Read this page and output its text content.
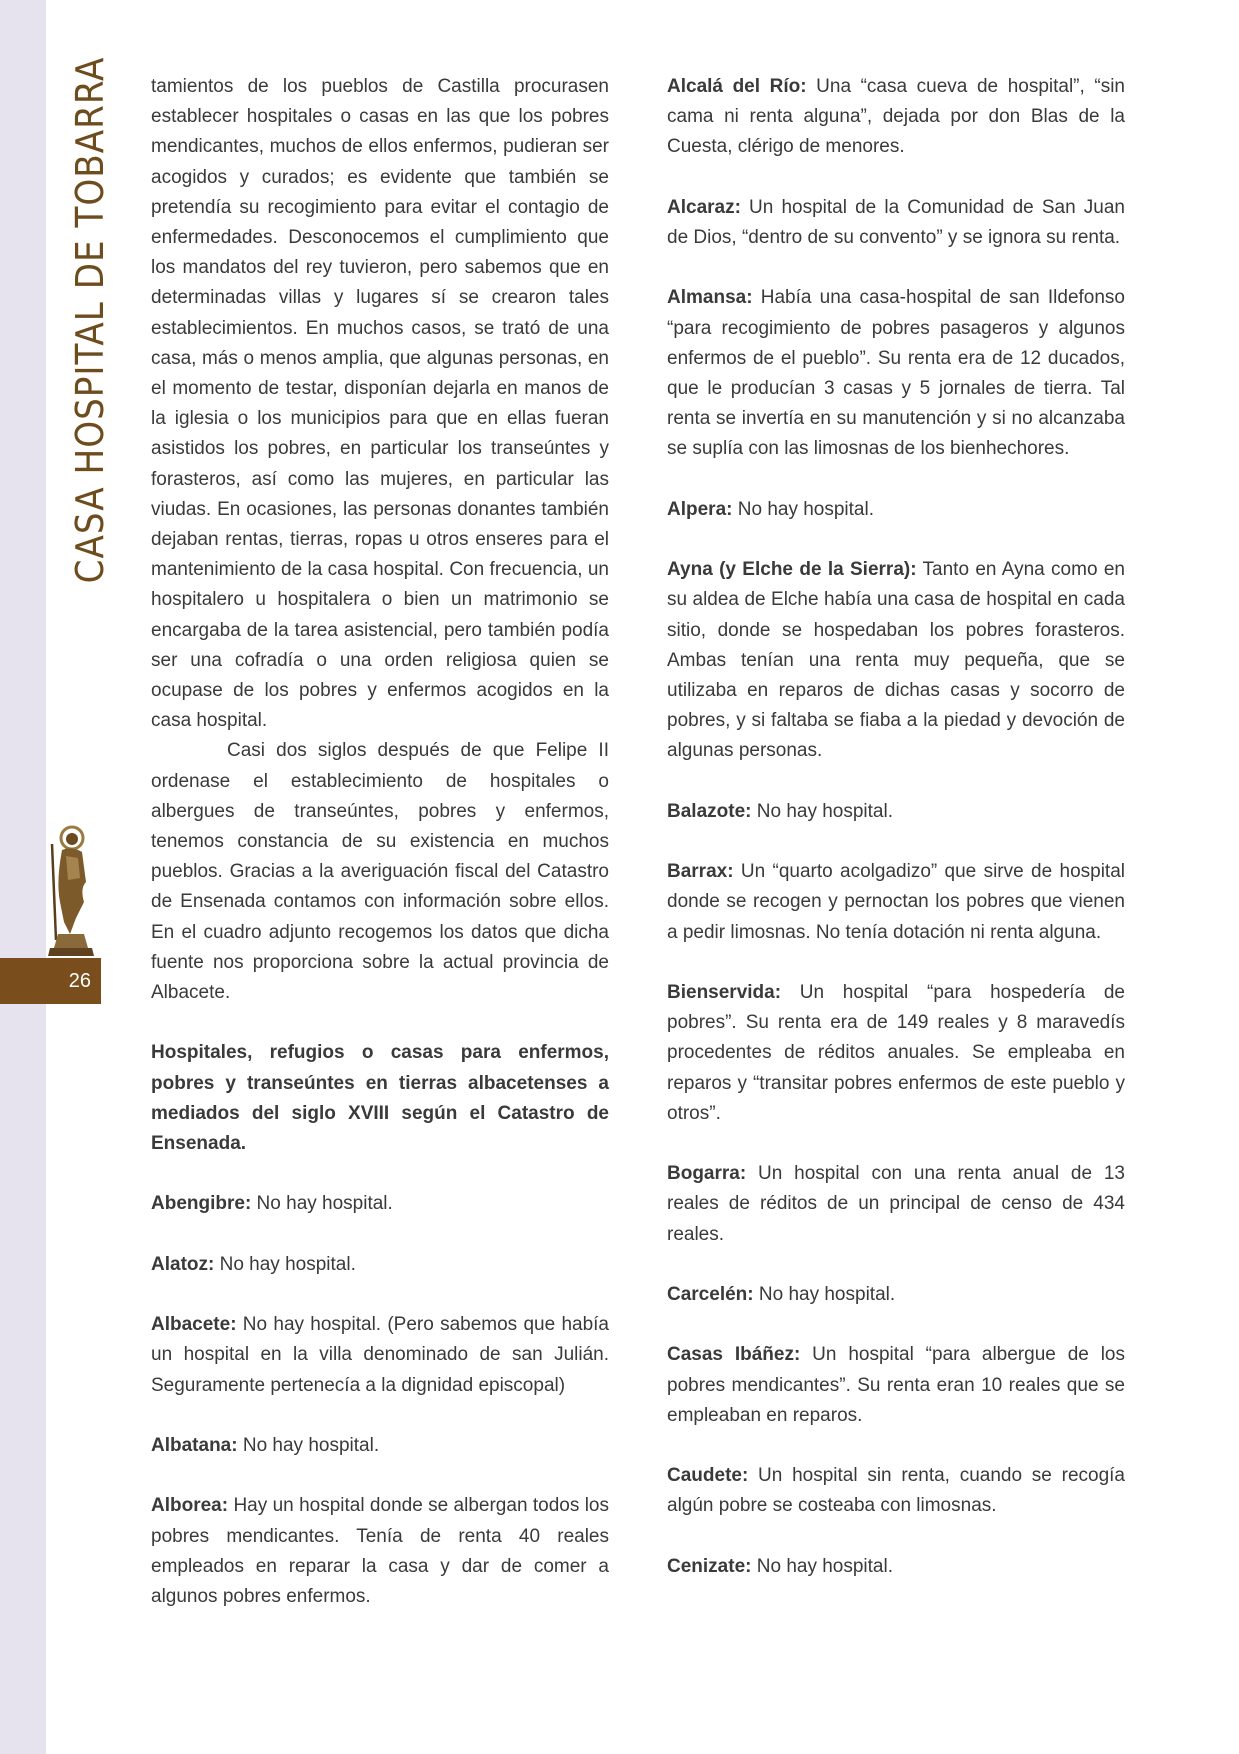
CASA HOSPITAL DE TOBARRA
26

tamientos de los pueblos de Castilla procurasen establecer hospitales o casas en las que los pobres mendicantes, muchos de ellos enfermos, pudieran ser acogidos y curados; es evidente que también se pretendía su recogimiento para evitar el contagio de enfermedades. Desconocemos el cumplimiento que los mandatos del rey tuvieron, pero sabemos que en determinadas villas y lugares sí se crearon tales establecimientos. En muchos casos, se trató de una casa, más o menos amplia, que algunas personas, en el momento de testar, disponían dejarla en manos de la iglesia o los municipios para que en ellas fueran asistidos los pobres, en particular los transeúntes y forasteros, así como las mujeres, en particular las viudas. En ocasiones, las personas donantes también dejaban rentas, tierras, ropas u otros enseres para el mantenimiento de la casa hospital. Con frecuencia, un hospitalero u hospitalera o bien un matrimonio se encargaba de la tarea asistencial, pero también podía ser una cofradía o una orden religiosa quien se ocupase de los pobres y enfermos acogidos en la casa hospital.

Casi dos siglos después de que Felipe II ordenase el establecimiento de hospitales o albergues de transeúntes, pobres y enfermos, tenemos constancia de su existencia en muchos pueblos. Gracias a la averiguación fiscal del Catastro de Ensenada contamos con información sobre ellos. En el cuadro adjunto recogemos los datos que dicha fuente nos proporciona sobre la actual provincia de Albacete.

Hospitales, refugios o casas para enfermos, pobres y transeúntes en tierras albacetenses a mediados del siglo XVIII según el Catastro de Ensenada.

Abengibre: No hay hospital.

Alatoz: No hay hospital.

Albacete: No hay hospital. (Pero sabemos que había un hospital en la villa denominado de san Julián. Seguramente pertenecía a la dignidad episcopal)

Albatana: No hay hospital.

Alborea: Hay un hospital donde se albergan todos los pobres mendicantes. Tenía de renta 40 reales empleados en reparar la casa y dar de comer a algunos pobres enfermos.

Alcalá del Río: Una “casa cueva de hospital”, “sin cama ni renta alguna”, dejada por don Blas de la Cuesta, clérigo de menores.

Alcaraz: Un hospital de la Comunidad de San Juan de Dios, “dentro de su convento” y se ignora su renta.

Almansa: Había una casa-hospital de san Ildefonso “para recogimiento de pobres pasageros y algunos enfermos de el pueblo”. Su renta era de 12 ducados, que le producían 3 casas y 5 jornales de tierra. Tal renta se invertía en su manutención y si no alcanzaba se suplía con las limosnas de los bienhechores.

Alpera: No hay hospital.

Ayna (y Elche de la Sierra): Tanto en Ayna como en su aldea de Elche había una casa de hospital en cada sitio, donde se hospedaban los pobres forasteros. Ambas tenían una renta muy pequeña, que se utilizaba en reparos de dichas casas y socorro de pobres, y si faltaba se fiaba a la piedad y devoción de algunas personas.

Balazote: No hay hospital.

Barrax: Un “quarto acolgadizo” que sirve de hospital donde se recogen y pernoctan los pobres que vienen a pedir limosnas. No tenía dotación ni renta alguna.

Bienservida: Un hospital “para hospedería de pobres”. Su renta era de 149 reales y 8 maravedís procedentes de réditos anuales. Se empleaba en reparos y “transitar pobres enfermos de este pueblo y otros”.

Bogarra: Un hospital con una renta anual de 13 reales de réditos de un principal de censo de 434 reales.

Carcelén: No hay hospital.

Casas Ibáñez: Un hospital “para albergue de los pobres mendicantes”. Su renta eran 10 reales que se empleaban en reparos.

Caudete: Un hospital sin renta, cuando se recogía algún pobre se costeaba con limosnas.

Cenizate: No hay hospital.
